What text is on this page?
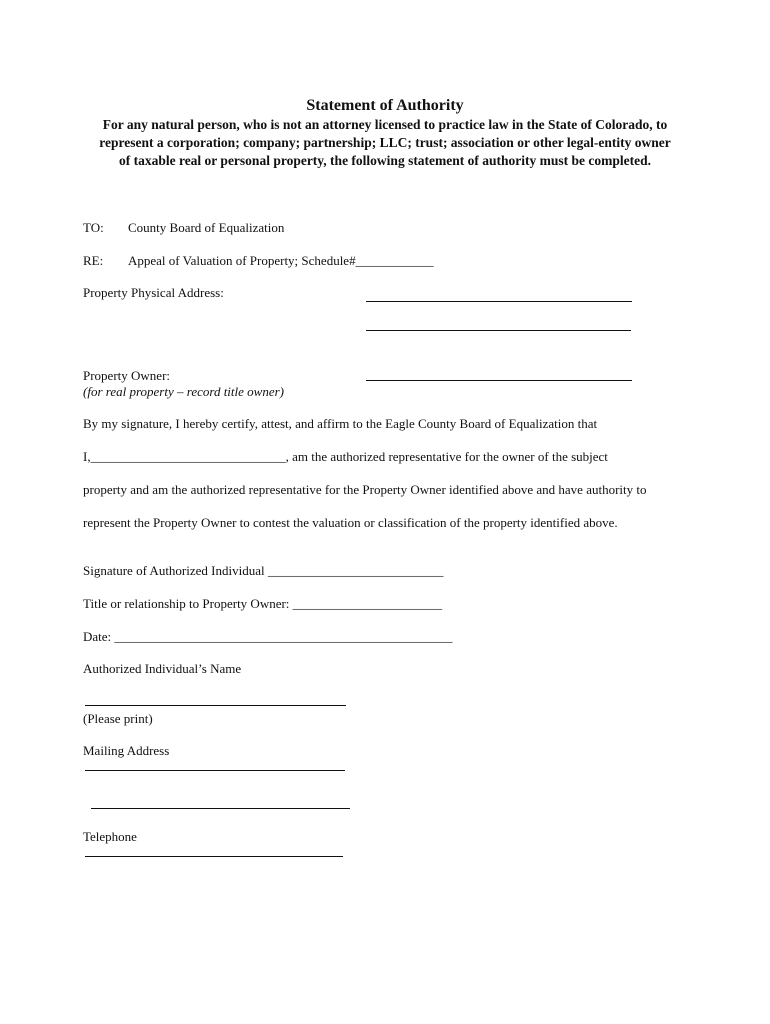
Statement of Authority
For any natural person, who is not an attorney licensed to practice law in the State of Colorado, to represent a corporation; company; partnership; LLC; trust; association or other legal-entity owner of taxable real or personal property, the following statement of authority must be completed.
TO: County Board of Equalization
RE: Appeal of Valuation of Property; Schedule#____________
Property Physical Address:
Property Owner:
(for real property – record title owner)
By my signature, I hereby certify, attest, and affirm to the Eagle County Board of Equalization that
I,______________________________, am the authorized representative for the owner of the subject
property and am the authorized representative for the Property Owner identified above and have authority to
represent the Property Owner to contest the valuation or classification of the property identified above.
Signature of Authorized Individual ___________________________
Title or relationship to Property Owner: _______________________
Date: ____________________________________________________
Authorized Individual’s Name
(Please print)
Mailing Address
Telephone
